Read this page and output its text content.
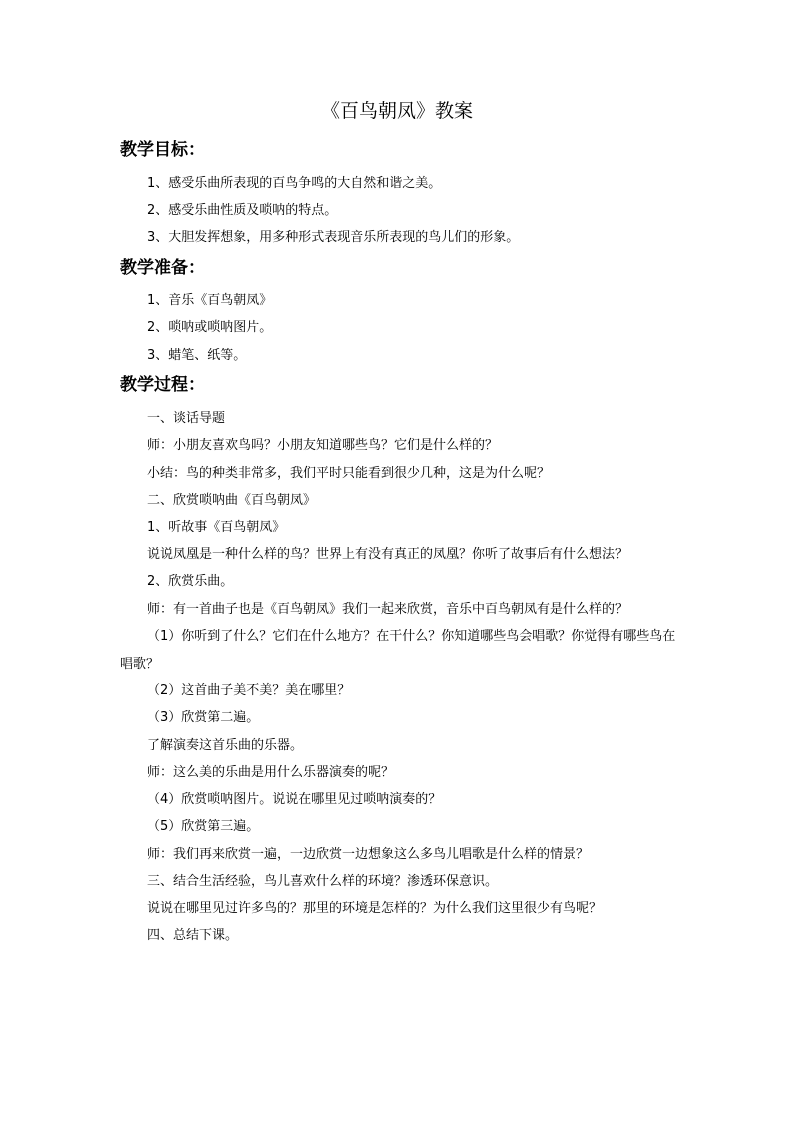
《百鸟朝凤》教案
教学目标：

1、感受乐曲所表现的百鸟争鸣的大自然和谐之美。

2、感受乐曲性质及唢呐的特点。

3、大胆发挥想象，用多种形式表现音乐所表现的鸟儿们的形象。

教学准备：

1、音乐《百鸟朝凤》

2、唢呐或唢呐图片。

3、蜡笔、纸等。

教学过程：

一、谈话导题

师：小朋友喜欢鸟吗？小朋友知道哪些鸟？它们是什么样的？

小结：鸟的种类非常多，我们平时只能看到很少几种，这是为什么呢？

二、欣赏唢呐曲《百鸟朝凤》

1、听故事《百鸟朝凤》

说说凤凰是一种什么样的鸟？世界上有没有真正的凤凰？你听了故事后有什么想法？

2、欣赏乐曲。

师：有一首曲子也是《百鸟朝凤》我们一起来欣赏，音乐中百鸟朝凤有是什么样的？

（1）你听到了什么？它们在什么地方？在干什么？你知道哪些鸟会唱歌？你觉得有哪些鸟在唱歌？

（2）这首曲子美不美？美在哪里？

（3）欣赏第二遍。

了解演奏这首乐曲的乐器。

师：这么美的乐曲是用什么乐器演奏的呢？

（4）欣赏唢呐图片。说说在哪里见过唢呐演奏的？

（5）欣赏第三遍。

师：我们再来欣赏一遍，一边欣赏一边想象这么多鸟儿唱歌是什么样的情景？

三、结合生活经验，鸟儿喜欢什么样的环境？渗透环保意识。

说说在哪里见过许多鸟的？那里的环境是怎样的？为什么我们这里很少有鸟呢？

四、总结下课。
